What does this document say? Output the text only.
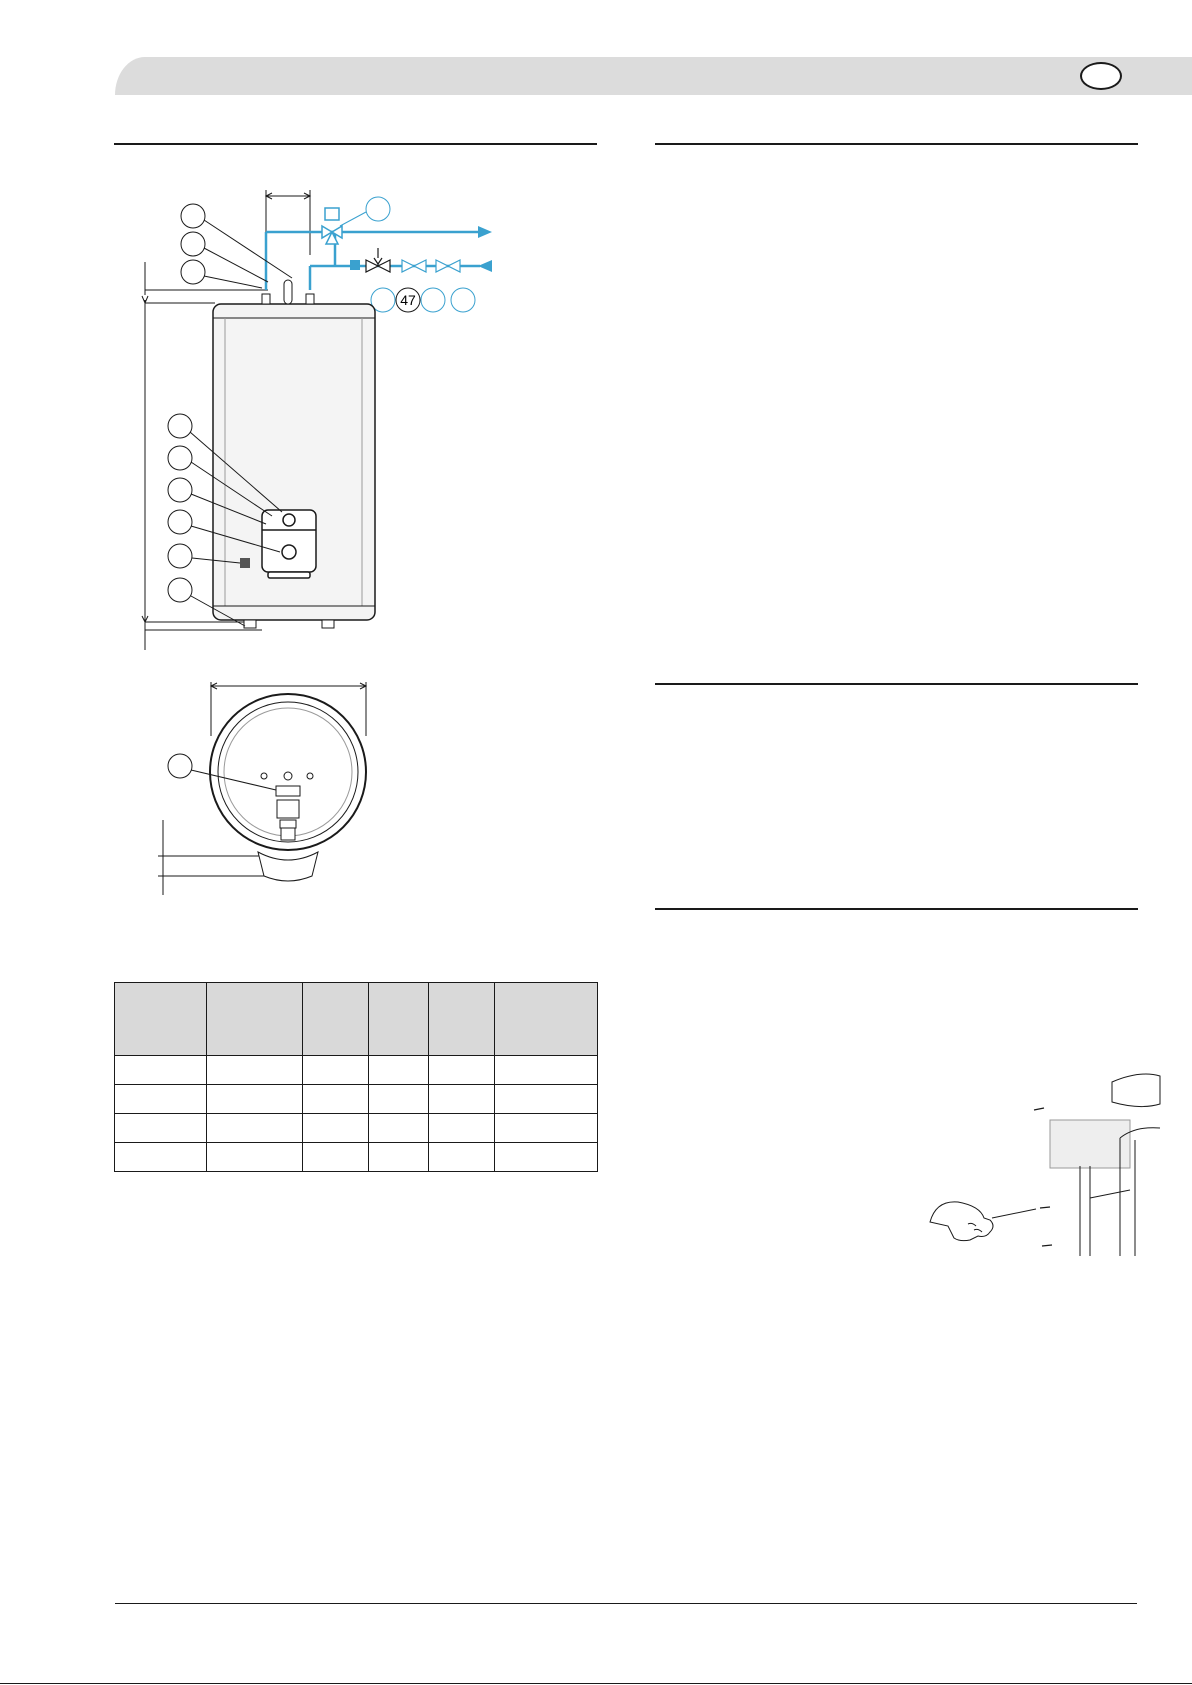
47
